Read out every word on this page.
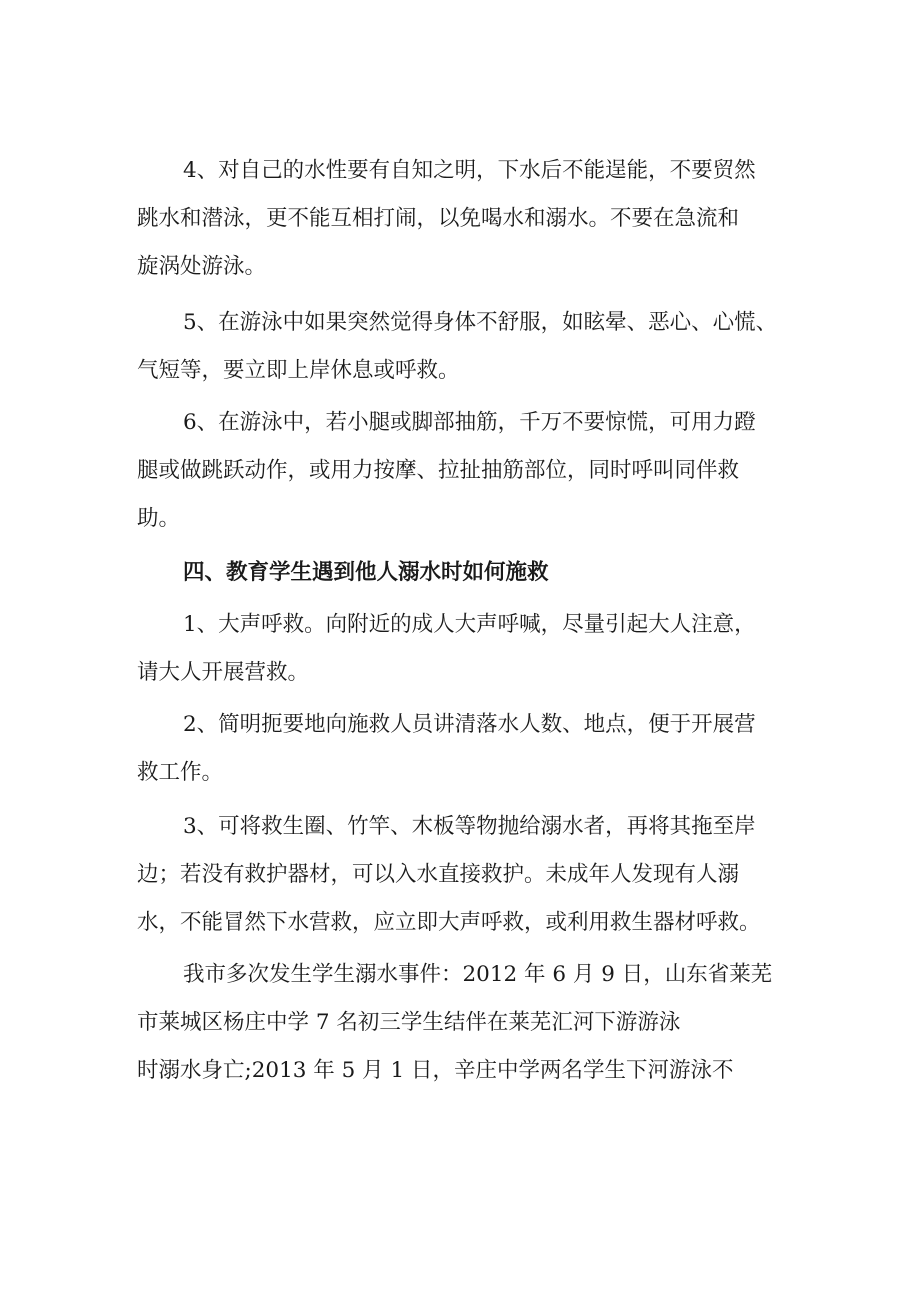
4、对自己的水性要有自知之明，下水后不能逞能，不要贸然

跳水和潜泳，更不能互相打闹，以免喝水和溺水。不要在急流和

旋涡处游泳。

5、在游泳中如果突然觉得身体不舒服，如眩晕、恶心、心慌、

气短等，要立即上岸休息或呼救。

6、在游泳中，若小腿或脚部抽筋，千万不要惊慌，可用力蹬

腿或做跳跃动作，或用力按摩、拉扯抽筋部位，同时呼叫同伴救

助。

四、教育学生遇到他人溺水时如何施救

1、大声呼救。向附近的成人大声呼喊，尽量引起大人注意，

请大人开展营救。

2、简明扼要地向施救人员讲清落水人数、地点，便于开展营

救工作。

3、可将救生圈、竹竿、木板等物抛给溺水者，再将其拖至岸

边；若没有救护器材，可以入水直接救护。未成年人发现有人溺

水，不能冒然下水营救，应立即大声呼救，或利用救生器材呼救。

我市多次发生学生溺水事件：2012 年 6 月 9 日，山东省莱芜

市莱城区杨庄中学 7 名初三学生结伴在莱芜汇河下游游泳

时溺水身亡;2013 年 5 月 1 日，辛庄中学两名学生下河游泳不
